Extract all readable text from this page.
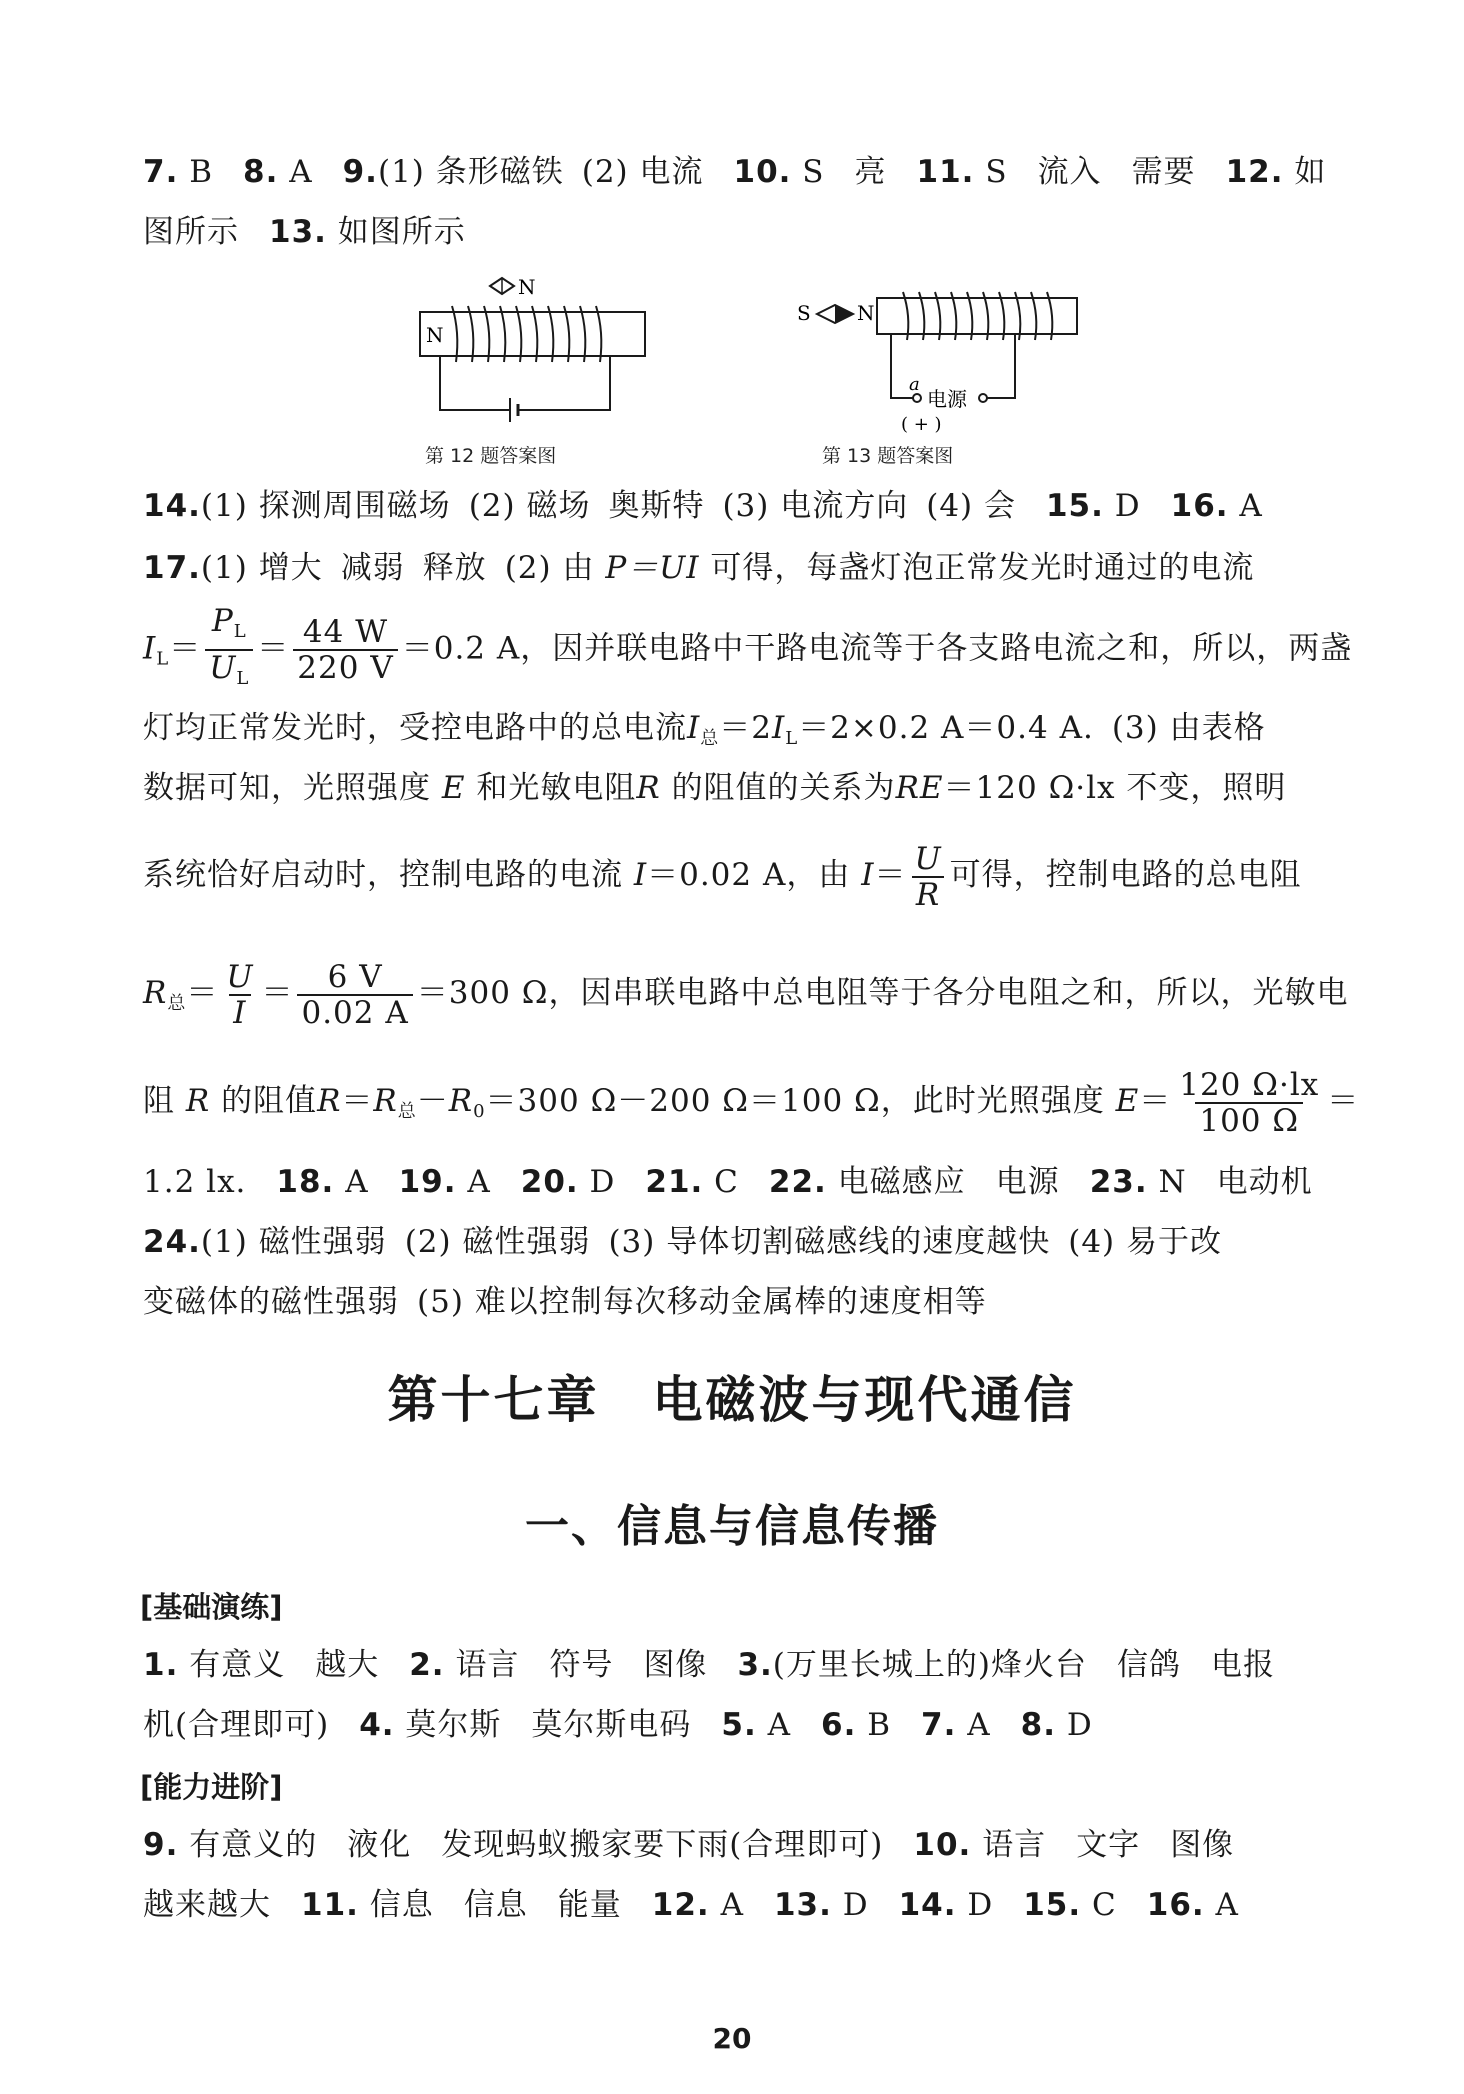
7. B 8. A 9.(1) 条形磁铁 (2) 电流 10. S 亮 11. S 流入 需要 12. 如
图所示 13. 如图所示
N
N
第 12 题答案图
S N
a
电源
( + )
第 13 题答案图
14.(1) 探测周围磁场 (2) 磁场 奥斯特 (3) 电流方向 (4) 会 15. D 16. A
17.(1) 增大 减弱 释放 (2) 由 P＝UI 可得，每盏灯泡正常发光时通过的电流
$I_L= \frac{P_L}{U_L} = \frac{44 W}{220 V} =0.2$ A，因并联电路中干路电流等于各支路电流之和，所以，两盏
灯均正常发光时，受控电路中的总电流$I_总=2I_L=2\times 0.2$ A＝0.4 A. (3) 由表格
数据可知，光照强度 E 和光敏电阻R 的阻值的关系为RE＝120 Ω·lx 不变，照明
系统恰好启动时，控制电路的电流 I＝0.02 A，由 $I= \frac{U}{R}$ 可得，控制电路的总电阻
$R_总= \frac{U}{I} = \frac{6 V}{0.02 A} =300$ Ω，因串联电路中总电阻等于各分电阻之和，所以，光敏电
阻 R 的阻值$R=R_总-R_0=300$ Ω－200 Ω＝100 Ω，此时光照强度 $E= \frac{120 \Omega\cdot lx}{100 \Omega}$ ＝
1.2 lx. 18. A 19. A 20. D 21. C 22. 电磁感应 电源 23. N 电动机
24.(1) 磁性强弱 (2) 磁性强弱 (3) 导体切割磁感线的速度越快 (4) 易于改
变磁体的磁性强弱 (5) 难以控制每次移动金属棒的速度相等
第十七章　电磁波与现代通信
一、信息与信息传播
[基础演练]
1. 有意义 越大 2. 语言 符号 图像 3.(万里长城上的)烽火台 信鸽 电报
机(合理即可) 4. 莫尔斯 莫尔斯电码 5. A 6. B 7. A 8. D
[能力进阶]
9. 有意义的 液化 发现蚂蚁搬家要下雨(合理即可) 10. 语言 文字 图像
越来越大 11. 信息 信息 能量 12. A 13. D 14. D 15. C 16. A
20
